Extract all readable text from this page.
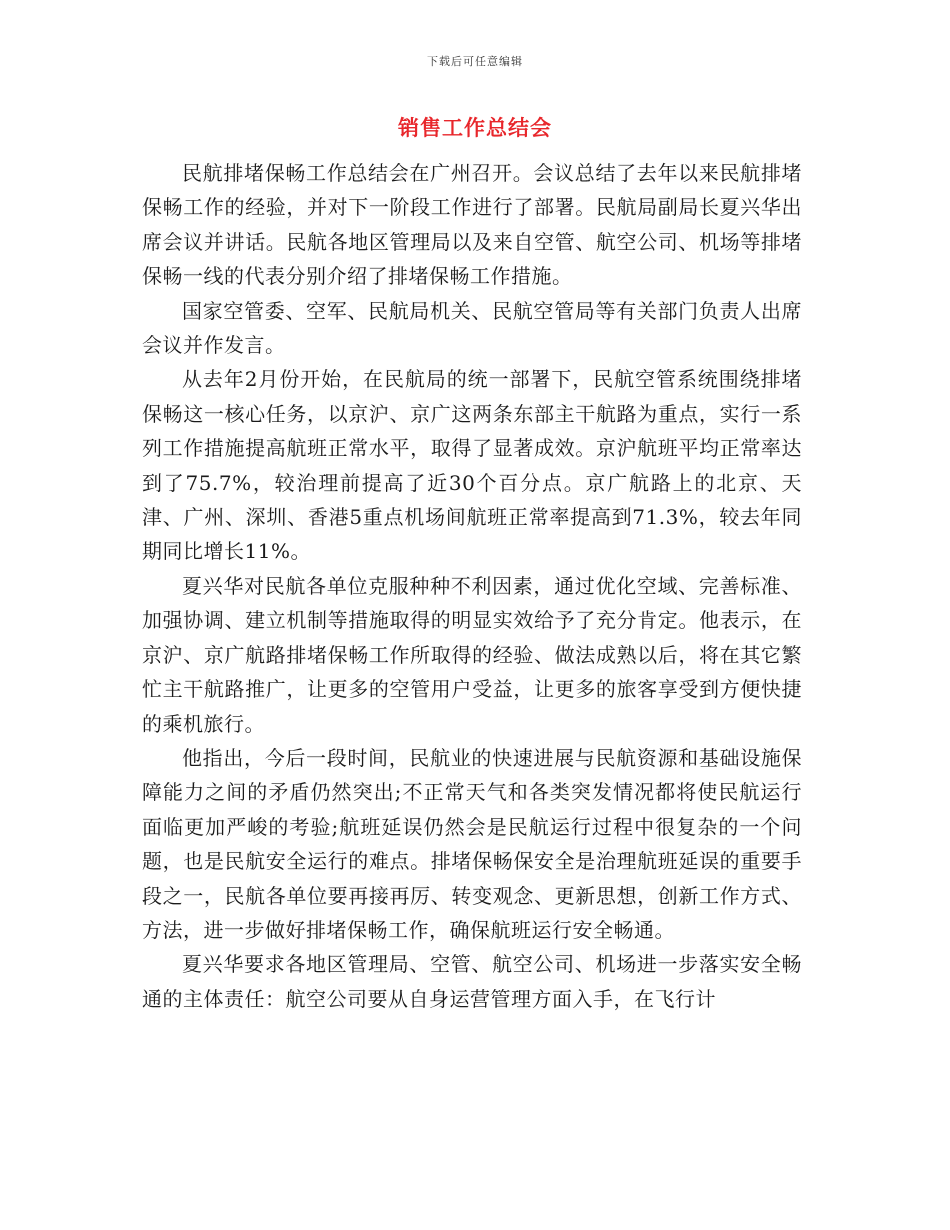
下载后可任意编辑
销售工作总结会

民航排堵保畅工作总结会在广州召开。会议总结了去年以来民航排堵保畅工作的经验，并对下一阶段工作进行了部署。民航局副局长夏兴华出席会议并讲话。民航各地区管理局以及来自空管、航空公司、机场等排堵保畅一线的代表分别介绍了排堵保畅工作措施。

国家空管委、空军、民航局机关、民航空管局等有关部门负责人出席会议并作发言。

从去年2月份开始，在民航局的统一部署下，民航空管系统围绕排堵保畅这一核心任务，以京沪、京广这两条东部主干航路为重点，实行一系列工作措施提高航班正常水平，取得了显著成效。京沪航班平均正常率达到了75.7%，较治理前提高了近30个百分点。京广航路上的北京、天津、广州、深圳、香港5重点机场间航班正常率提高到71.3%，较去年同期同比增长11%。

夏兴华对民航各单位克服种种不利因素，通过优化空域、完善标准、加强协调、建立机制等措施取得的明显实效给予了充分肯定。他表示，在京沪、京广航路排堵保畅工作所取得的经验、做法成熟以后，将在其它繁忙主干航路推广，让更多的空管用户受益，让更多的旅客享受到方便快捷的乘机旅行。

他指出，今后一段时间，民航业的快速进展与民航资源和基础设施保障能力之间的矛盾仍然突出;不正常天气和各类突发情况都将使民航运行面临更加严峻的考验;航班延误仍然会是民航运行过程中很复杂的一个问题，也是民航安全运行的难点。排堵保畅保安全是治理航班延误的重要手段之一，民航各单位要再接再厉、转变观念、更新思想，创新工作方式、方法，进一步做好排堵保畅工作，确保航班运行安全畅通。

夏兴华要求各地区管理局、空管、航空公司、机场进一步落实安全畅通的主体责任：航空公司要从自身运营管理方面入手，在飞行计
